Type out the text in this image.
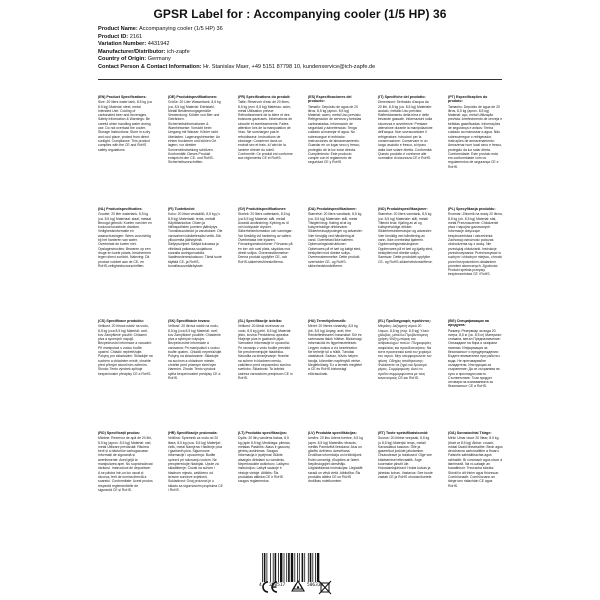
GPSR Label for : Accompanying cooler (1/5 HP) 36
Product Name: Accompanying cooler (1/5 HP) 36
Product ID: 2161
Variation Number: 4431942
Manufacturer/Distributor: ich-zapfe
Country of Origin: Germany
Contact Person & Contact Information: Hr. Stanislav Maer, +49 5151 87798 10, kundenservice@ich-zapfe.de
(EN) Product Specifications:
Size: 20 liters water tank, 8.5 kg (ca 8.5 kg) Material: steel, metal Intended Use: Cooling of carbonated beer and beverages. Safety Information & Warnings: Be careful when handling water during use. Do not overload the cooler. Storage Instructions: Store in a dry and cool place, protect from direct sunlight. Compliance: This product complies with the CE and RoHS safety regulations.
(DE) Produktspezifikationen:
Größe: 20 Liter Wassertank, 8,5 kg (ca. 8,5 kg) Material: Edelstahl, Metall Bestimmungsgemäße Verwendung: Kühlen von Bier und Getränken. Sicherheitsinformationen & Warnhinweise: Vorsicht beim Umgang mit Wasser. Kühler nicht überladen. Lagerungshinweise: An einem trockenen und kühlen Ort lagern, vor direkter Sonneneinstrahlung schützen. Konformität: Dieses Produkt entspricht den CE- und RoHS-Sicherheitsvorschriften.
(FR) Spécifications du produit:
Taille: Réservoir d'eau de 20 litres, 8,5 kg (env. 8,5 kg) Matériau: acier, métal Utilisation prévue: Refroidissement de la bière et des boissons gazeuses. Informations de sécurité et avertissements: Faites attention lors de la manipulation de l'eau. Ne surchargez pas le refroidisseur. Instructions de stockage: Conserver dans un endroit sec et frais, à l'abri de la lumière directe du soleil. Conformité: Ce produit est conforme aux règlements CE et RoHS.
(ES) Especificaciones del producto:
Tamaño: Depósito de agua de 20 litros, 8,5 kg (aprox. 8,5 kg) Material: acero, metal Uso previsto: Refrigeración de cerveza y bebidas carbonatadas. Información de seguridad y advertencias: Tenga cuidado al manejar el agua. No sobrecargue el enfriador. Instrucciones de almacenamiento: Guardar en un lugar seco y fresco, protegido de la luz solar directa. Cumplimiento: Este producto cumple con el reglamento de seguridad CE y RoHS.
(IT) Specifiche del prodotto:
Dimensioni: Serbatoio d'acqua da 20 litri, 8,5 kg (ca. 8,5 kg) Materiale: acciaio, metallo Uso previsto: Raffreddamento della birra e delle bevande gassate. Informazioni sulla sicurezza e avvertenze: Prestare attenzione durante la manipolazione dell'acqua. Non sovraccaricare il refrigeratore. Istruzioni per la conservazione: Conservare in un luogo asciutto e fresco, al riparo dalla luce solare diretta. Conformità: Questo prodotto è conforme alle normative di sicurezza CE e RoHS.
(PT) Especificações do produto:
Tamanho: Depósito de água de 20 litros, 8,5 kg (aprox. 8,5 kg) Material: aço, metal Utilização prevista: Arrefecimento de cerveja e bebidas gaseificadas. Informações de segurança e avisos: Tenha cuidado ao manusear a água. Não sobrecarregue o refrigerador. Instruções de armazenamento: Armazenar num local seco e fresco, protegido da luz solar direta. Conformidade: Este produto está em conformidade com os regulamentos de segurança CE e RoHS.
(NL) Productspecificaties:
Grootte: 20 liter watertank, 8,5 kg (ca. 8,5 kg) Materiaal: staal, metaal Beoogd gebruik: Koelen van bier en koolzuurhoudende dranken. Veiligheidsinformatie en waarschuwingen: Wees voorzichtig bij het hanteren van water. Overbelast de koeler niet. Opslaginstructies: Bewaren op een droge en koele plaats, beschermen tegen direct zonlicht. Naleving: Dit product voldoet aan de CE- en RoHS-veiligheidsvoorschriften.
(FI) Tuotetiedot:
Koko: 20 litran vesisäiliö, 8,5 kg (n. 8,5 kg) Materiaali: teräs, metalli Käyttötarkoitus: Oluen ja hiilihapollisten juomien jäähdytys. Turvallisuustiedot ja varoitukset: Ole varovainen käsitellessäsi vettä. Älä ylikuormita jäähdytintä. Säilytysohjeet: Säilytä kuivassa ja viileässä paikassa suojattuna suoralta auringonvalolta. Vaatimustenmukaisuus: Tämä tuote täyttää CE- ja RoHS-turvallisuusmääräykset.
(SV) Produktspecifikationer:
Storlek: 20 liters vattentank, 8,5 kg (ca 8,5 kg) Material: stål, metall Avsedd användning: Kylning av öl och kolsyrade drycker. Säkerhetsinformation och varningar: Var försiktig vid hantering av vatten. Överbelasta inte kylaren. Förvaringsinstruktioner: Förvaras på en torr och sval plats, skyddas mot direkt solljus. Överensstämmelse: Denna produkt uppfyller CE- och RoHS-säkerhetsföreskrifterna.
(DA) Produktspecifikationer:
Størrelse: 20 liters vandtank, 8,5 kg (ca. 8,5 kg) Materiale: stål, metal Tilsigtet brug: Køling af øl og kulsyreholdige drikkevarer. Sikkerhedsoplysninger og advarsler: Vær forsigtig ved håndtering af vand. Overbelast ikke køleren. Opbevaringsinstruktioner: Opbevares på et tørt og køligt sted, beskyttet mod direkte sollys. Overensstemmelse: Dette produkt overholder CE- og RoHS-sikkerhedsforskrifterne.
(NO) Produktspesifikasjoner:
Størrelse: 20 liters vanntank, 8,5 kg (ca. 8,5 kg) Materiale: stål, metall Tiltenkt bruk: Kjøling av øl og kullsyreholdige drikker. Sikkerhetsinformasjon og advarsler: Vær forsiktig ved håndtering av vann. Ikke overbelast kjøleren. Oppbevaringsinstruksjoner: Oppbevares på et tørt og kjølig sted, beskyttet mot direkte sollys. Samsvar: Dette produktet oppfyller CE- og RoHS-sikkerhetsforskriftene.
(PL) Specyfikacja produktu:
Rozmiar: Zbiornik na wodę 20 litrów, 8,5 kg (ok. 8,5 kg) Materiał: stal, metal Przeznaczenie: Chłodzenie piwa i napojów gazowanych. Informacje dotyczące bezpieczeństwa i ostrzeżenia: Zachowaj ostrożność podczas obchodzenia się z wodą. Nie przeciążaj chłodziarki. Instrukcje przechowywania: Przechowywać w suchym i chłodnym miejscu, chronić przed bezpośrednim działaniem promieni słonecznych. Zgodność: Produkt spełnia przepisy bezpieczeństwa CE i RoHS.
(CS) Specifikace produktu:
Velikost: 20 litrová nádrž na vodu, 8,5 kg (cca 8,5 kg) Materiál: ocel, kov Zamýšlené použití: Chlazení piva a sycených nápojů. Bezpečnostní informace a varování: Při manipulaci s vodou buďte opatrní. Chladič nepřetěžujte. Pokyny pro skladování: Skladujte na suchém a chladném místě, chraňte před přímým slunečním zářením. Shoda: Tento výrobek splňuje bezpečnostní předpisy CE a RoHS.
(SK) Špecifikácie tovaru:
Veľkosť: 20 litrová nádrž na vodu, 8,5 kg (cca 8,5 kg) Materiál: oceľ, kov Zamýšľané použitie: Chladenie piva a sýtených nápojov. Bezpečnostné informácie a varovania: Pri manipulácii s vodou buďte opatrní. Chladič nepreťažujte. Pokyny na skladovanie: Skladujte na suchom a chladnom mieste, chráňte pred priamym slnečným žiarením. Zhoda: Tento výrobok spĺňa bezpečnostné predpisy CE a RoHS.
(SL) Specifikacije izdelka:
Velikost: 20-litrski rezervoar za vodo, 8,5 kg (pribl. 8,5 kg) Material: jeklo, kovina Predvidena uporaba: Hlajenje piva in gaziranih pijač. Varnostne informacije in opozorila: Pri ravnanju z vodo bodite previdni. Ne preobremenjujte hladilnika. Navodila za shranjevanje: Hranite na suhem in hladnem mestu, zaščiteno pred neposredno sončno svetlobo. Skladnost: Ta izdelek ustreza varnostnim predpisom CE in RoHS.
(HU) Termékjellemzők:
Méret: 20 literes víztartály, 8,5 kg (kb. 8,5 kg) Anyag: acél, fém Rendeltetésszerű használat: Sör és szénsavas italok hűtése. Biztonsági információk és figyelmeztetések: Legyen óvatos a víz kezelésekor. Ne terhelje túl a hűtőt. Tárolási utasítások: Száraz, hűvös helyen tárolja, közvetlen napfénytől védve. Megfelelőség: Ez a termék megfelel a CE és RoHS biztonsági előírásoknak.
(EL) Προδιαγραφές προϊόντος:
Μέγεθος: Δεξαμενή νερού 20 λίτρων, 8,5 kg (περ. 8,5 kg) Υλικό: χάλυβας, μέταλλο Προβλεπόμενη χρήση: Ψύξη μπύρας και ανθρακούχων ποτών. Πληροφορίες ασφαλείας και προειδοποιήσεις: Να είστε προσεκτικοί κατά τον χειρισμό του νερού. Μην υπερφορτώνετε τον ψύκτη. Οδηγίες αποθήκευσης: Φυλάσσετε σε ξηρό και δροσερό μέρος. Συμμόρφωση: Αυτό το προϊόν συμμορφώνεται με τους κανονισμούς CE και RoHS.
(BG) Спецификации на продукта:
Размер: Резервоар за вода 20 литра, 8,5 кг (ок. 8,5 кг) Материал: стомана, метал Предназначение: Охлаждане на бира и газирани напитки. Информация за безопасност и предупреждения: Бъдете внимателни при работа с вода. Не претоварвайте охладителя. Инструкции за съхранение: Да се съхранява на сухо и прохладно място. Съответствие: Този продукт отговаря на изискванията за безопасност CE и RoHS.
(RO) Specificații produs:
Mărime: Rezervor de apă de 20 litri, 8,5 kg (aprox. 8,5 kg) Material: oțel, metal Utilizare prevăzută: Răcirea berii și a băuturilor carbogazoase. Informații de siguranță și avertismente: Aveți grijă la manipularea apei. Nu supraîncărcați răcitorul. Instrucțiuni de depozitare: A se păstra într-un loc uscat și răcoros, ferit de lumina directă a soarelui. Conformitate: Acest produs respectă reglementările de siguranță CE și RoHS.
(HR) Specifikacije proizvoda:
Veličina: Spremnik za vodu od 20 litara, 8,5 kg (cca. 8,5 kg) Materijal: čelik, metal Namjena: Hlađenje piva i gaziranih pića. Sigurnosne informacije i upozorenja: Budite oprezni pri rukovanju vodom. Ne preopterećujte hladnjak. Upute za skladištenje: Čuvati na suhom i hladnom mjestu, zaštićeno od izravne sunčeve svjetlosti. Sukladnost: Ovaj proizvod je u skladu sa sigurnosnim propisima CE i RoHS.
(LT) Produkto specifikacijos:
Dydis: 20 litrų vandens bakas, 8,5 kg (apie 8,5 kg) Medžiaga: plienas, metalas Paskirtis: Alaus ir gazuotų gėrimų aušinimas. Saugos informacija ir įspėjimai: Būkite atsargūs dirbdami su vandeniu. Neperkraukite aušintuvo. Laikymo instrukcijos: Laikyti sausoje ir vėsioje vietoje. Atitiktis: Šis produktas atitinka CE ir RoHS saugos reglamentus.
(LV) Produkta specifikācijas:
Izmērs: 20 litru ūdens tvertne, 8,5 kg (apm. 8,5 kg) Materiāls: tērauds, metāls Paredzētā lietošana: Alus un gāzētu dzērienu dzesēšana. Drošības informācija un brīdinājumi: Esiet uzmanīgi, rīkojoties ar ūdeni. Nepārslogojiet dzesētāju. Uzglabāšanas instrukcijas: Uzglabāt sausā un vēsā vietā. Atbilstība: Šis produkts atbilst CE un RoHS drošības noteikumiem.
(ET) Toote spetsifikatsioonid:
Suurus: 20-liitrine veepaak, 8,5 kg (u 8,5 kg) Materjal: teras, metall Kavandatud kasutus: Õlle ja gaseeritud jookide jahutamine. Ohutusteave ja hoiatused: Olge vee käsitsemisel ettevaatlik. Ärge koormake jahutit üle. Hoiustamisjuhised: Hoida kuivas ja jahedas kohas. Vastavus: See toode vastab CE ja RoHS ohutusnõuetele.
(GA) Sonraíochtaí Táirge:
Méid: Umar uisce 20 lítear, 8.5 kg (thart ar 8.5 kg) Ábhar: cruach, miotal Úsáid bheartaithe: Beoir agus deochanna carbónáitithe a fhuarú. Faisnéis sábháilteachta agus rabhaidh: Bí cúramach agus uisce á láimhseáil. Ná ró-ualaigh an fuaraitheoir. Treoracha stórála: Stóráil in áit thirim agus fhionnuar. Comhlíonadh: Comhlíonann an táirge seo rialacháin CE agus RoHS.
4 250517	506335
